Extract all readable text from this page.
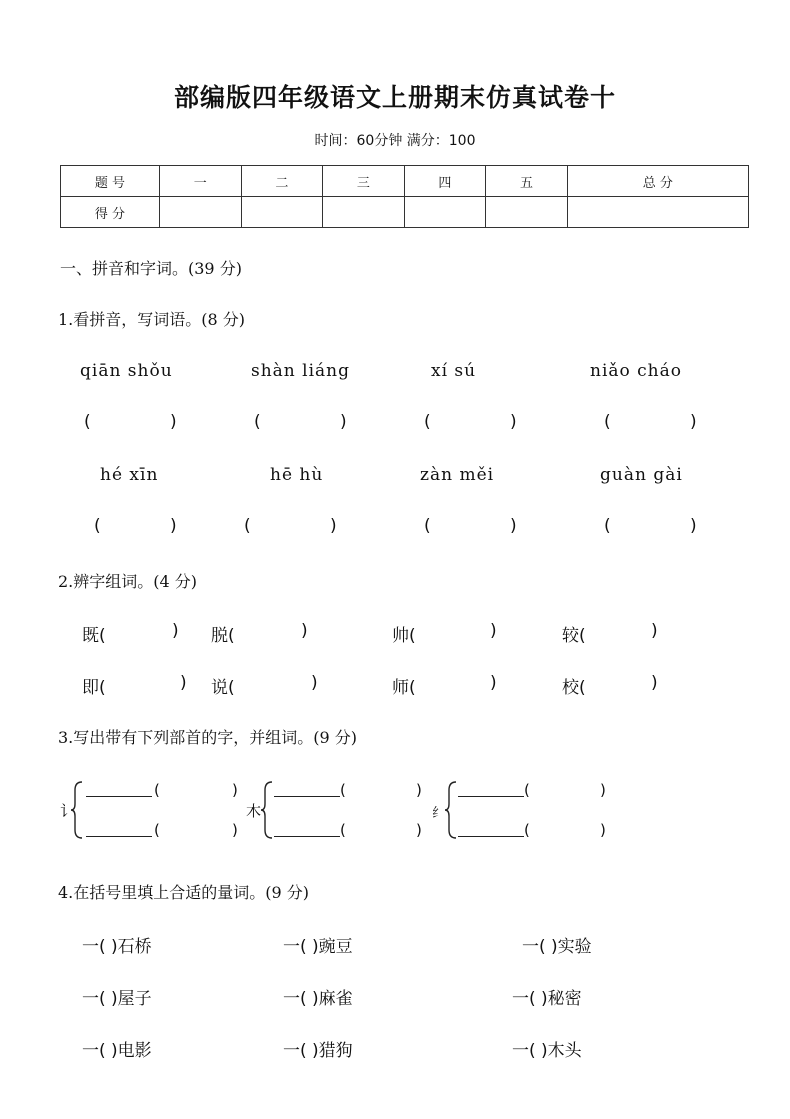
部编版四年级语文上册期末仿真试卷十
时间：60分钟 满分：100
题 号	一	二	三	四	五	总 分
得 分						
一、拼音和字词。(39 分)
1.看拼音，写词语。(8 分)
qiān shǒu	shàn liáng	xí sú	niǎo cháo
(	)	(	)	(	)	(	)
hé xīn	hē hù	zàn měi	guàn gài
(	)	(	)	(	)	(	)
2.辨字组词。(4 分)
既(	) 脱(	)	帅(	)	较(	)
即(	) 说(	)	师(	)	校(	)
3.写出带有下列部首的字，并组词。(9 分)
讠
(	)
(	)
木
(	)
(	)
纟
(	)
(	)
4.在括号里填上合适的量词。(9 分)
一( )石桥	一( )豌豆	一( )实验
一( )屋子	一( )麻雀	一( )秘密
一( )电影	一( )猎狗	一( )木头
